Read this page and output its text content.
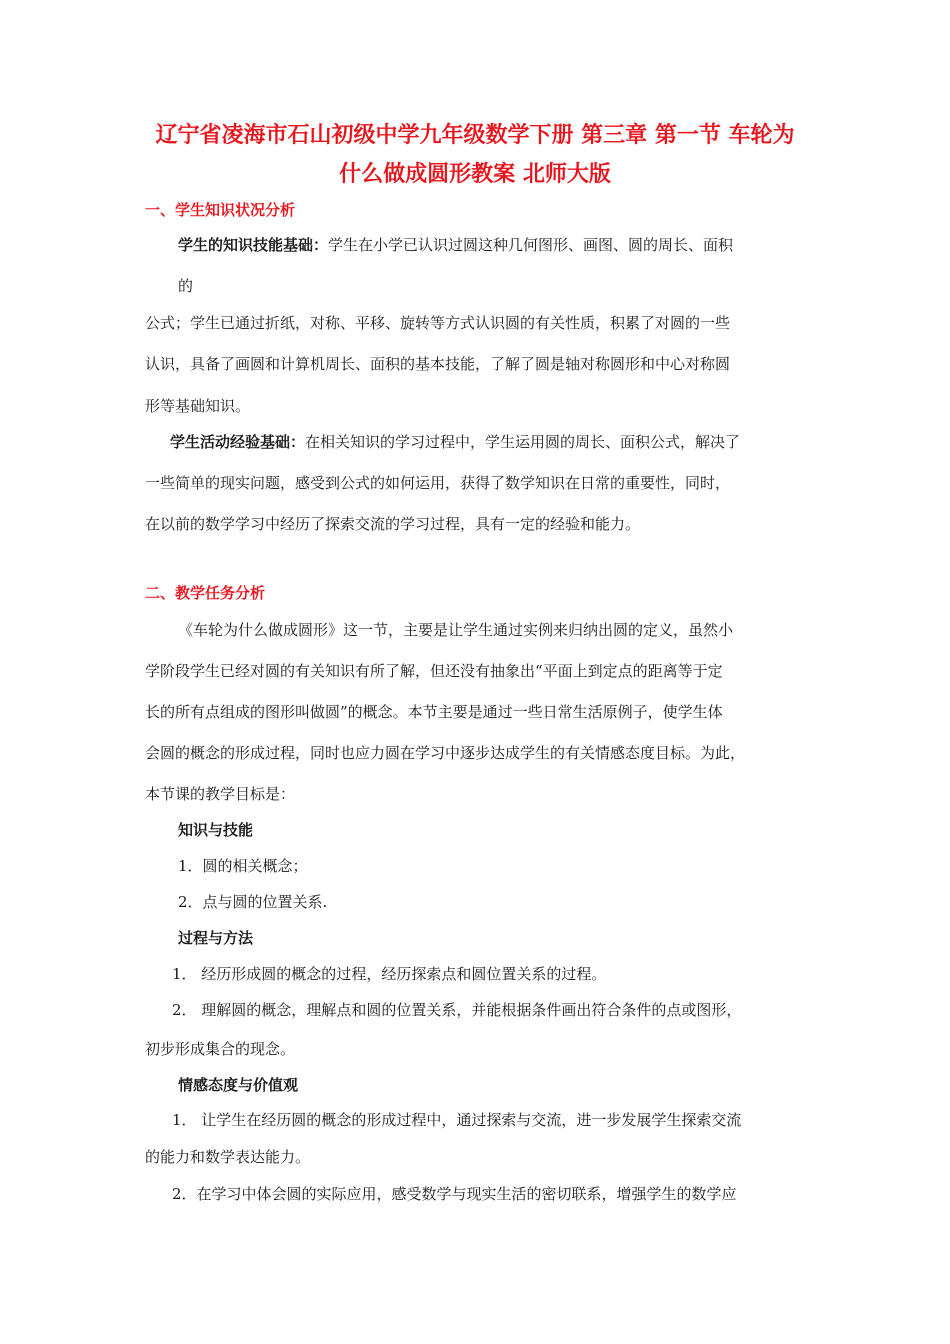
辽宁省凌海市石山初级中学九年级数学下册 第三章 第一节 车轮为
什么做成圆形教案 北师大版
一、学生知识状况分析
学生的知识技能基础：学生在小学已认识过圆这种几何图形、画图、圆的周长、面积
的
公式；学生已通过折纸，对称、平移、旋转等方式认识圆的有关性质，积累了对圆的一些
认识，具备了画圆和计算机周长、面积的基本技能，了解了圆是轴对称圆形和中心对称圆
形等基础知识。
学生活动经验基础：在相关知识的学习过程中，学生运用圆的周长、面积公式，解决了
一些简单的现实问题，感受到公式的如何运用，获得了数学知识在日常的重要性，同时，
在以前的数学学习中经历了探索交流的学习过程，具有一定的经验和能力。
二、教学任务分析
《车轮为什么做成圆形》这一节，主要是让学生通过实例来归纳出圆的定义，虽然小
学阶段学生已经对圆的有关知识有所了解，但还没有抽象出“平面上到定点的距离等于定
长的所有点组成的图形叫做圆”的概念。本节主要是通过一些日常生活原例子，使学生体
会圆的概念的形成过程，同时也应力圆在学习中逐步达成学生的有关情感态度目标。为此，
本节课的教学目标是：
知识与技能
1．圆的相关概念；
2．点与圆的位置关系.
过程与方法
1． 经历形成圆的概念的过程，经历探索点和圆位置关系的过程。
2． 理解圆的概念，理解点和圆的位置关系，并能根据条件画出符合条件的点或图形，
初步形成集合的现念。
情感态度与价值观
1． 让学生在经历圆的概念的形成过程中，通过探索与交流，进一步发展学生探索交流
的能力和数学表达能力。
2．在学习中体会圆的实际应用，感受数学与现实生活的密切联系，增强学生的数学应
